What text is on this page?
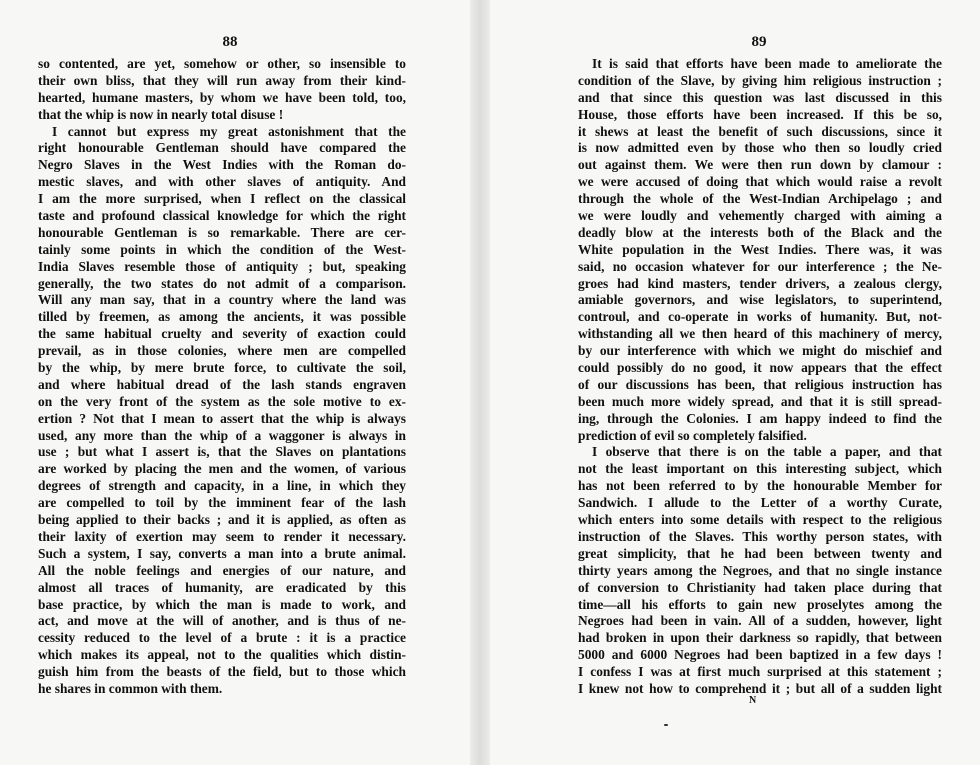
88
so contented, are yet, somehow or other, so insensible to
their own bliss, that they will run away from their kind-
hearted, humane masters, by whom we have been told, too,
that the whip is now in nearly total disuse !
I cannot but express my great astonishment that the
right honourable Gentleman should have compared the
Negro Slaves in the West Indies with the Roman do-
mestic slaves, and with other slaves of antiquity. And
I am the more surprised, when I reflect on the classical
taste and profound classical knowledge for which the right
honourable Gentleman is so remarkable. There are cer-
tainly some points in which the condition of the West-
India Slaves resemble those of antiquity ; but, speaking
generally, the two states do not admit of a comparison.
Will any man say, that in a country where the land was
tilled by freemen, as among the ancients, it was possible
the same habitual cruelty and severity of exaction could
prevail, as in those colonies, where men are compelled
by the whip, by mere brute force, to cultivate the soil,
and where habitual dread of the lash stands engraven
on the very front of the system as the sole motive to ex-
ertion ? Not that I mean to assert that the whip is always
used, any more than the whip of a waggoner is always in
use ; but what I assert is, that the Slaves on plantations
are worked by placing the men and the women, of various
degrees of strength and capacity, in a line, in which they
are compelled to toil by the imminent fear of the lash
being applied to their backs ; and it is applied, as often as
their laxity of exertion may seem to render it necessary.
Such a system, I say, converts a man into a brute animal.
All the noble feelings and energies of our nature, and
almost all traces of humanity, are eradicated by this
base practice, by which the man is made to work, and
act, and move at the will of another, and is thus of ne-
cessity reduced to the level of a brute : it is a practice
which makes its appeal, not to the qualities which distin-
guish him from the beasts of the field, but to those which
he shares in common with them.
89
It is said that efforts have been made to ameliorate the
condition of the Slave, by giving him religious instruction ;
and that since this question was last discussed in this
House, those efforts have been increased. If this be so,
it shews at least the benefit of such discussions, since it
is now admitted even by those who then so loudly cried
out against them. We were then run down by clamour :
we were accused of doing that which would raise a revolt
through the whole of the West-Indian Archipelago ; and
we were loudly and vehemently charged with aiming a
deadly blow at the interests both of the Black and the
White population in the West Indies. There was, it was
said, no occasion whatever for our interference ; the Ne-
groes had kind masters, tender drivers, a zealous clergy,
amiable governors, and wise legislators, to superintend,
controul, and co-operate in works of humanity. But, not-
withstanding all we then heard of this machinery of mercy,
by our interference with which we might do mischief and
could possibly do no good, it now appears that the effect
of our discussions has been, that religious instruction has
been much more widely spread, and that it is still spread-
ing, through the Colonies. I am happy indeed to find the
prediction of evil so completely falsified.
I observe that there is on the table a paper, and that
not the least important on this interesting subject, which
has not been referred to by the honourable Member for
Sandwich. I allude to the Letter of a worthy Curate,
which enters into some details with respect to the religious
instruction of the Slaves. This worthy person states, with
great simplicity, that he had been between twenty and
thirty years among the Negroes, and that no single instance
of conversion to Christianity had taken place during that
time—all his efforts to gain new proselytes among the
Negroes had been in vain. All of a sudden, however, light
had broken in upon their darkness so rapidly, that between
5000 and 6000 Negroes had been baptized in a few days !
I confess I was at first much surprised at this statement ;
I knew not how to comprehend it ; but all of a sudden light
N
